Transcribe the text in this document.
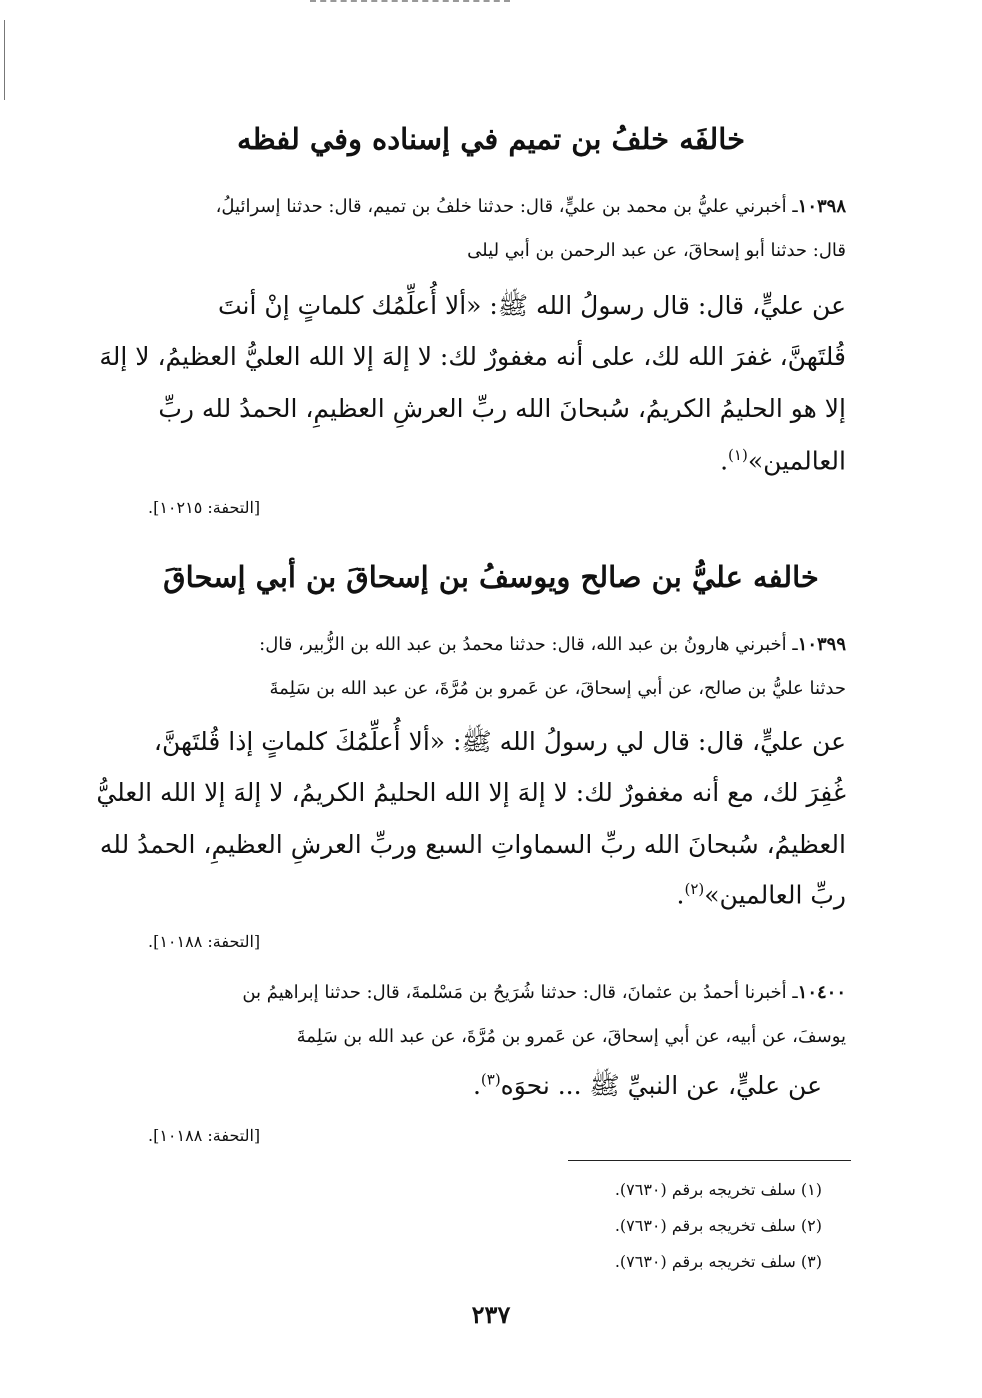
خالفَه خلفُ بن تميم في إسناده وفي لفظه
١٠٣٩٨ـ أخبرني عليُّ بن محمد بن عليٍّ، قال: حدثنا خلفُ بن تميم، قال: حدثنا إسرائيلُ،
قال: حدثنا أبو إسحاقَ، عن عبد الرحمن بن أبي ليلى
عن عليٍّ، قال: قال رسولُ الله ﷺ: «ألا أُعلِّمُك كلماتٍ إنْ أنتَ
قُلتَهنَّ، غفرَ الله لك، على أنه مغفورٌ لك: لا إلهَ إلا الله العليُّ العظيمُ، لا إلهَ
إلا هو الحليمُ الكريمُ، سُبحانَ الله ربِّ العرشِ العظيمِ، الحمدُ لله ربِّ
العالمين»$^{(١)}$.
[التحفة: ١٠٢١٥].
خالفه عليُّ بن صالح ويوسفُ بن إسحاقَ بن أبي إسحاقَ
١٠٣٩٩ـ أخبرني هارونُ بن عبد الله، قال: حدثنا محمدُ بن عبد الله بن الزُّبير، قال:
حدثنا عليُّ بن صالح، عن أبي إسحاقَ، عن عَمرو بن مُرَّةَ، عن عبد الله بن سَلِمةَ
عن عليٍّ، قال: قال لي رسولُ الله ﷺ: «ألا أُعلِّمُكَ كلماتٍ إذا قُلتَهنَّ،
غُفِرَ لك، مع أنه مغفورٌ لك: لا إلهَ إلا الله الحليمُ الكريمُ، لا إلهَ إلا الله العليُّ
العظيمُ، سُبحانَ الله ربِّ السماواتِ السبع وربِّ العرشِ العظيمِ، الحمدُ لله
ربِّ العالمين»$^{(٢)}$.
[التحفة: ١٠١٨٨].
١٠٤٠٠ـ أخبرنا أحمدُ بن عثمانَ، قال: حدثنا شُرَيحُ بن مَسْلمةَ، قال: حدثنا إبراهيمُ بن
يوسفَ، عن أبيه، عن أبي إسحاقَ، عن عَمرو بن مُرَّةَ، عن عبد الله بن سَلِمةَ
عن عليٍّ، عن النبيِّ ﷺ ... نحوَه$^{(٣)}$.
[التحفة: ١٠١٨٨].
(١) سلف تخريجه برقم (٧٦٣٠).
(٢) سلف تخريجه برقم (٧٦٣٠).
(٣) سلف تخريجه برقم (٧٦٣٠).
٢٣٧
